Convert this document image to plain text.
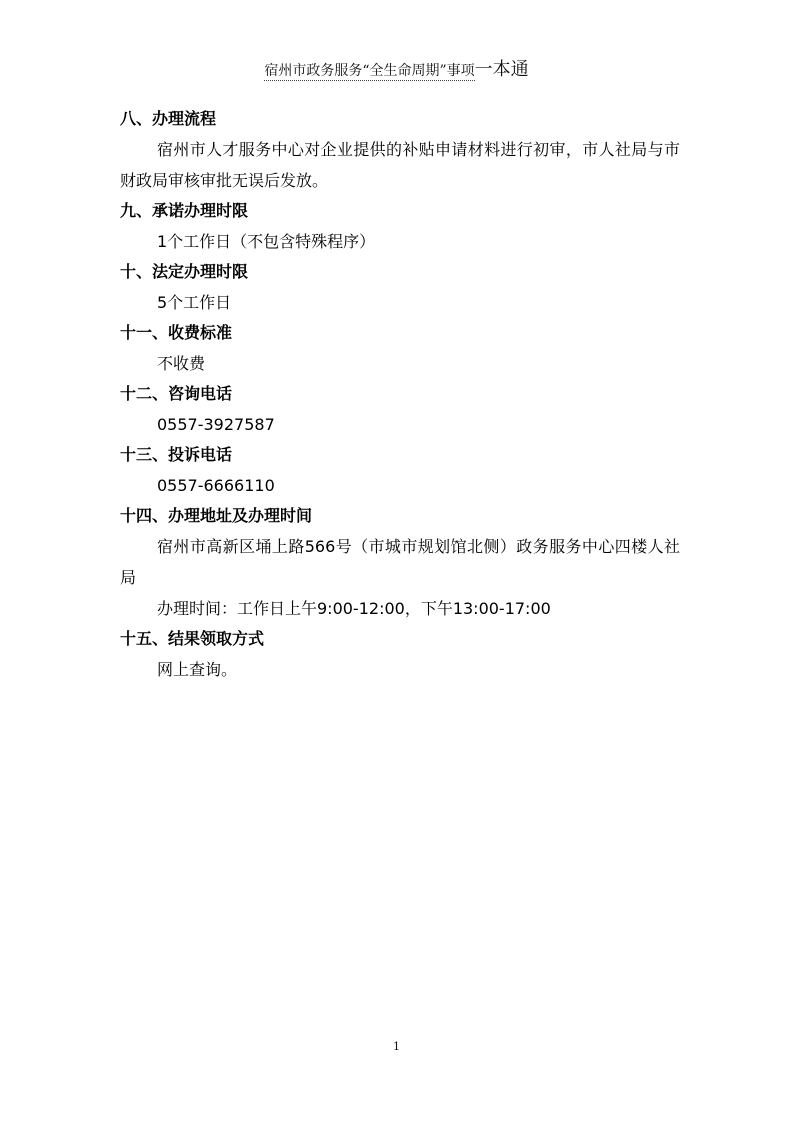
宿州市政务服务“全生命周期”事项一本通
八、办理流程
宿州市人才服务中心对企业提供的补贴申请材料进行初审，市人社局与市财政局审核审批无误后发放。
九、承诺办理时限
1个工作日（不包含特殊程序）
十、法定办理时限
5个工作日
十一、收费标准
不收费
十二、咨询电话
0557-3927587
十三、投诉电话
0557-6666110
十四、办理地址及办理时间
宿州市高新区埇上路566号（市城市规划馆北侧）政务服务中心四楼人社局
办理时间：工作日上午9:00-12:00，下午13:00-17:00
十五、结果领取方式
网上查询。
1
